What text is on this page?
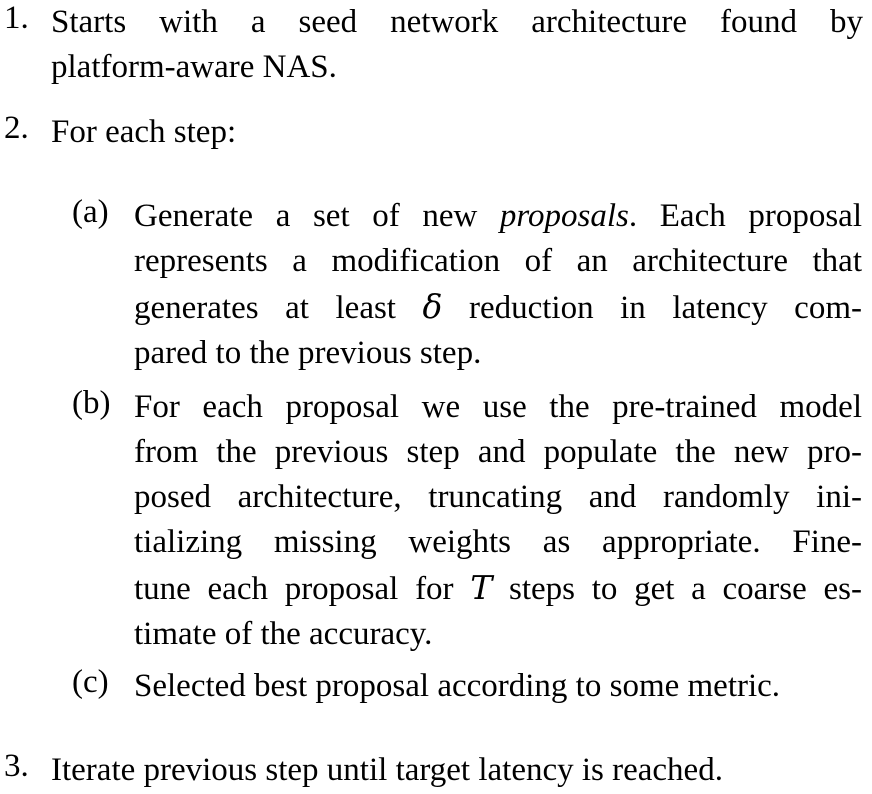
1. Starts with a seed network architecture found by
platform-aware NAS.
2. For each step:
(a) Generate a set of new proposals. Each proposal
represents a modification of an architecture that
generates at least δ reduction in latency com-
pared to the previous step.
(b) For each proposal we use the pre-trained model
from the previous step and populate the new pro-
posed architecture, truncating and randomly ini-
tializing missing weights as appropriate. Fine-
tune each proposal for T steps to get a coarse es-
timate of the accuracy.
(c) Selected best proposal according to some metric.
3. Iterate previous step until target latency is reached.
